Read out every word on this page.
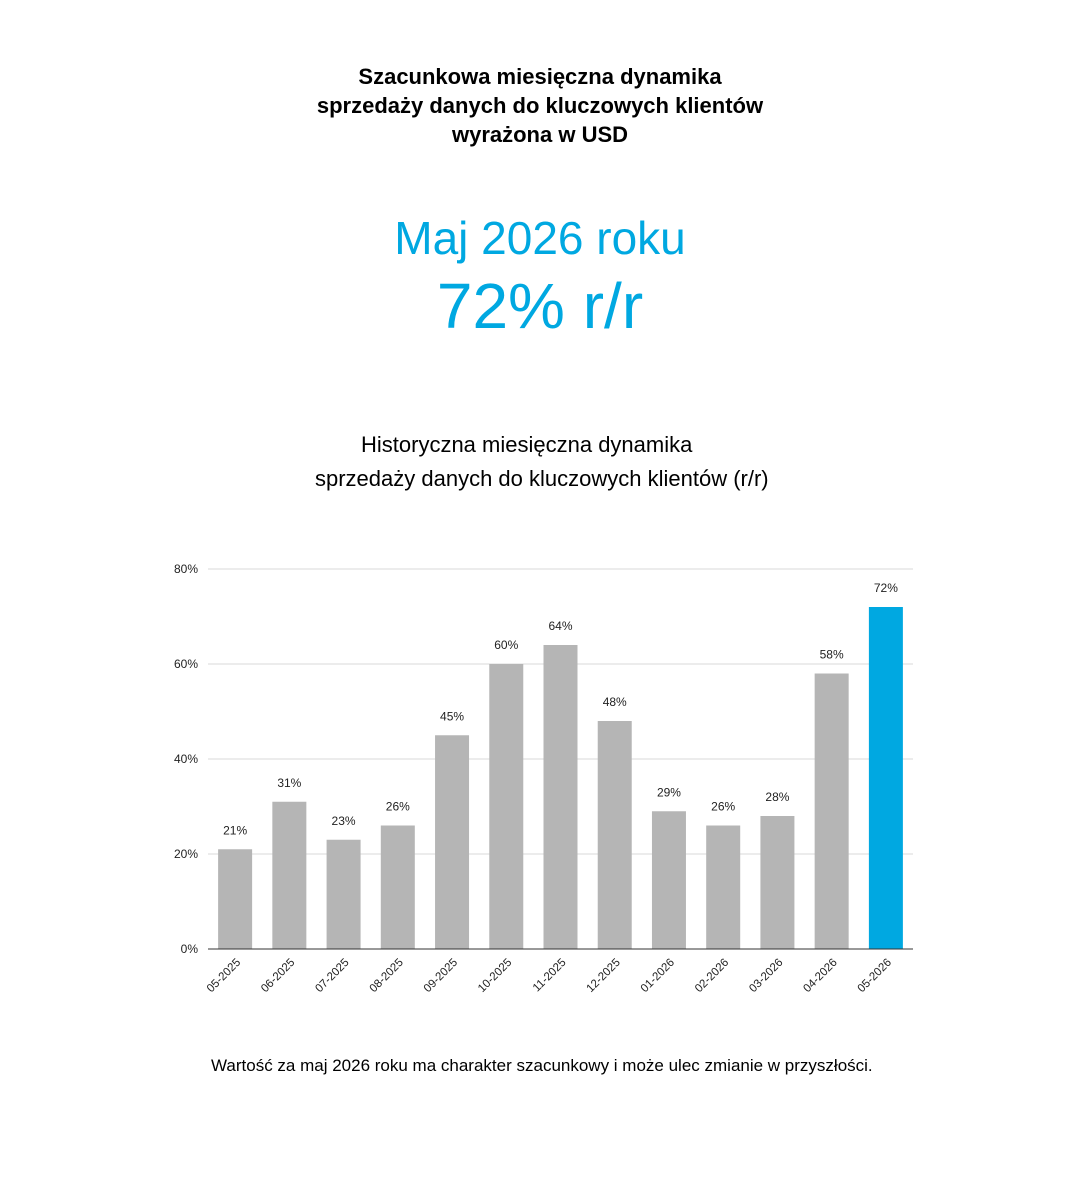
Szacunkowa miesięczna dynamika
sprzedaży danych do kluczowych klientów
wyrażona w USD
Maj 2026 roku
72% r/r
Historyczna miesięczna dynamika
sprzedaży danych do kluczowych klientów (r/r)
0%
20%
40%
60%
80%
21%
05-2025
31%
06-2025
23%
07-2025
26%
08-2025
45%
09-2025
60%
10-2025
64%
11-2025
48%
12-2025
29%
01-2026
26%
02-2026
28%
03-2026
58%
04-2026
72%
05-2026
Wartość za maj 2026 roku ma charakter szacunkowy i może ulec zmianie w przyszłości.
